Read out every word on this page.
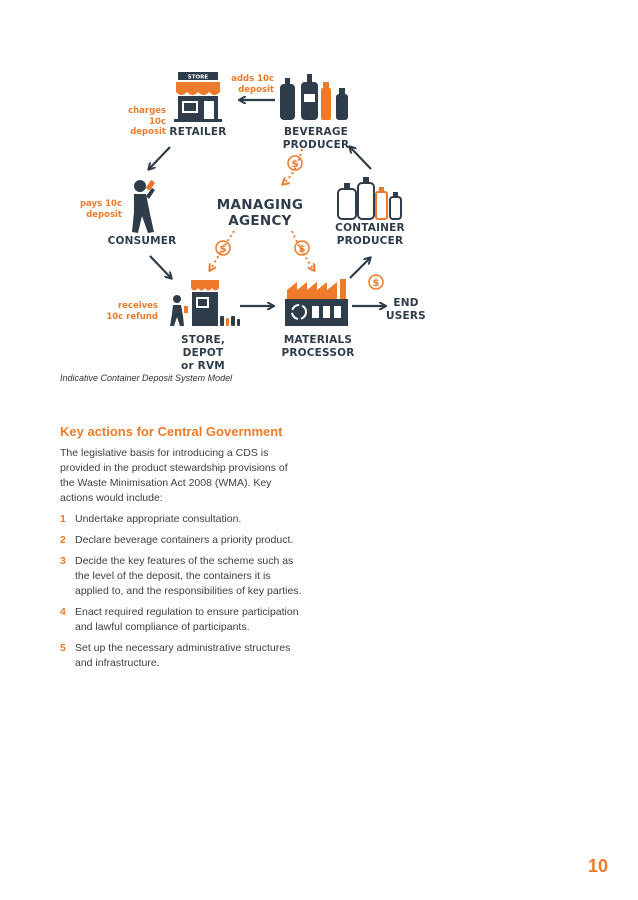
STORE
$
$	$
$
adds 10c
deposit
charges
10c
deposit
pays 10c
deposit
receives
10c refund
RETAILER	BEVERAGE PRODUCER
CONSUMER
CONTAINER
PRODUCER
MANAGING
AGENCY
STORE, DEPOT
or RVM
MATERIALS
PROCESSOR
END
USERS
Indicative Container Deposit System Model
Key actions for Central Government
The legislative basis for introducing a CDS is provided in the product stewardship provisions of the Waste Minimisation Act 2008 (WMA). Key actions would include:
1 Undertake appropriate consultation.
2 Declare beverage containers a priority product.
3 Decide the key features of the scheme such as the level of the deposit, the containers it is applied to, and the responsibilities of key parties.
4 Enact required regulation to ensure participation and lawful compliance of participants.
5 Set up the necessary administrative structures and infrastructure.
10
